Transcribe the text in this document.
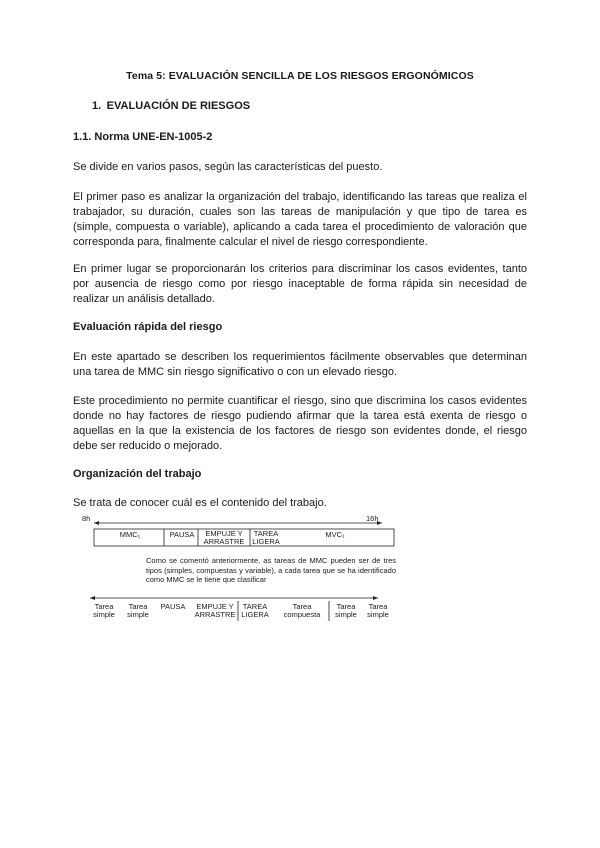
Tema 5: EVALUACIÓN SENCILLA DE LOS RIESGOS ERGONÓMICOS
1. EVALUACIÓN DE RIESGOS
1.1. Norma UNE-EN-1005-2
Se divide en varios pasos, según las características del puesto.
El primer paso es analizar la organización del trabajo, identificando las tareas que realiza el trabajador, su duración, cuales son las tareas de manipulación y que tipo de tarea es (simple, compuesta o variable), aplicando a cada tarea el procedimiento de valoración que corresponda para, finalmente calcular el nivel de riesgo correspondiente.
En primer lugar se proporcionarán los criterios para discriminar los casos evidentes, tanto por ausencia de riesgo como por riesgo inaceptable de forma rápida sin necesidad de realizar un análisis detallado.
Evaluación rápida del riesgo
En este apartado se describen los requerimientos fácilmente observables que determinan una tarea de MMC sin riesgo significativo o con un elevado riesgo.
Este procedimiento no permite cuantificar el riesgo, sino que discrimina los casos evidentes donde no hay factores de riesgo pudiendo afirmar que la tarea está exenta de riesgo o aquellas en la que la existencia de los factores de riesgo son evidentes donde, el riesgo debe ser reducido o mejorado.
Organización del trabajo
Se trata de conocer cuál es el contenido del trabajo.
8h	16h
MMC₁	PAUSA	EMPUJE Y ARRASTRE
TAREA LIGERA
MVC₁
Como se comentó anteriormente, as tareas de MMC pueden ser de tres tipos (simples, compuestas y variable), a cada tarea que se ha identificado como MMC se le tiene que clasificar
Tarea simple
Tarea simple
PAUSA	EMPUJE Y ARRASTRE
TAREA LIGERA
Tarea compuesta
Tarea simple
Tarea simple
